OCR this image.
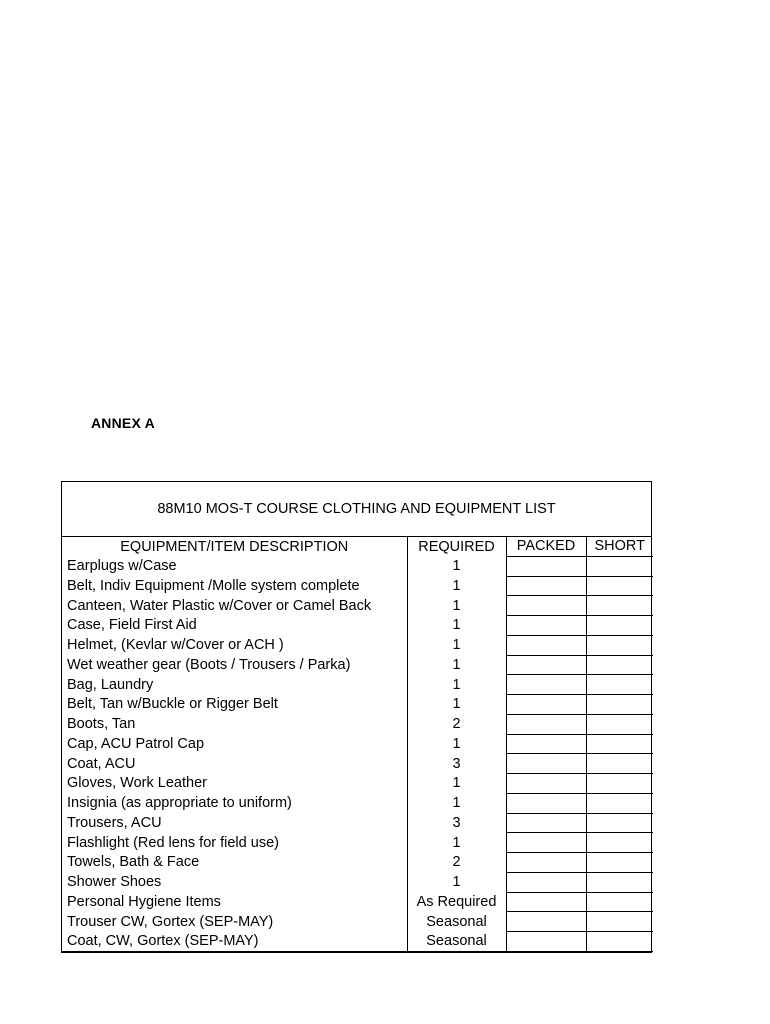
ANNEX A
88M10 MOS-T COURSE CLOTHING AND EQUIPMENT LIST
EQUIPMENT/ITEM DESCRIPTION	REQUIRED	PACKED	SHORT
Earplugs w/Case	1		
Belt, Indiv Equipment /Molle system complete	1		
Canteen, Water Plastic w/Cover or Camel Back	1		
Case, Field First Aid	1		
Helmet, (Kevlar w/Cover or ACH )	1		
Wet weather gear (Boots / Trousers / Parka)	1		
Bag, Laundry	1		
Belt, Tan w/Buckle or Rigger Belt	1		
Boots, Tan	2		
Cap, ACU Patrol Cap	1		
Coat, ACU	3		
Gloves, Work Leather	1		
Insignia (as appropriate to uniform)	1		
Trousers, ACU	3		
Flashlight (Red lens for field use)	1		
Towels, Bath & Face	2		
Shower Shoes	1		
Personal Hygiene Items	As Required		
Trouser CW, Gortex (SEP-MAY)	Seasonal		
Coat, CW, Gortex (SEP-MAY)	Seasonal		
